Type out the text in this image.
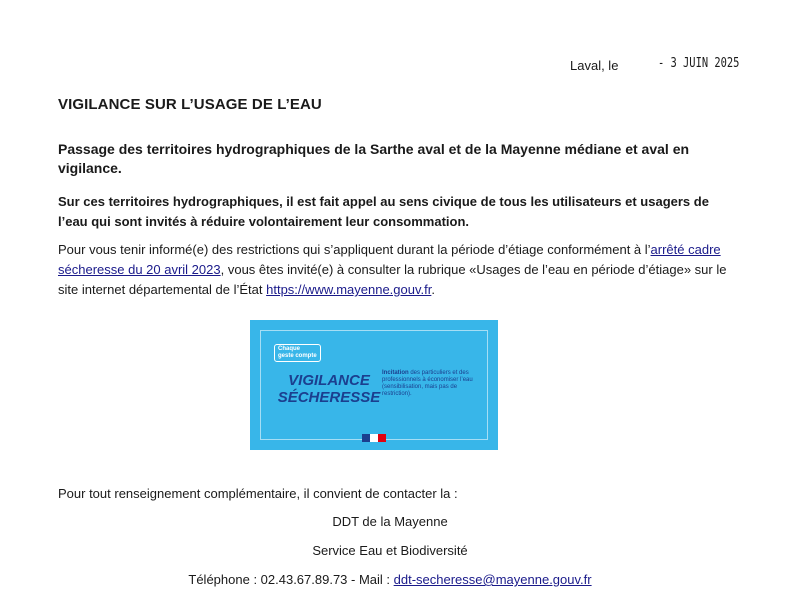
Laval, le	- 3 JUIN 2025
VIGILANCE SUR L’USAGE DE L’EAU
Passage des territoires hydrographiques de la Sarthe aval et de la Mayenne médiane et aval en vigilance.
Sur ces territoires hydrographiques, il est fait appel au sens civique de tous les utilisateurs et usagers de l’eau qui sont invités à réduire volontairement leur consommation.
Pour vous tenir informé(e) des restrictions qui s’appliquent durant la période d’étiage conformément à l’arrêté cadre sécheresse du 20 avril 2023, vous êtes invité(e) à consulter la rubrique «Usages de l’eau en période d’étiage» sur le site internet départemental de l’État https://www.mayenne.gouv.fr.
Chaque
geste compte
VIGILANCE
SÉCHERESSE
Incitation des particuliers et des professionnels à économiser l’eau (sensibilisation, mais pas de restriction).
Pour tout renseignement complémentaire, il convient de contacter la :
DDT de la Mayenne
Service Eau et Biodiversité
Téléphone : 02.43.67.89.73 - Mail : ddt-secheresse@mayenne.gouv.fr
